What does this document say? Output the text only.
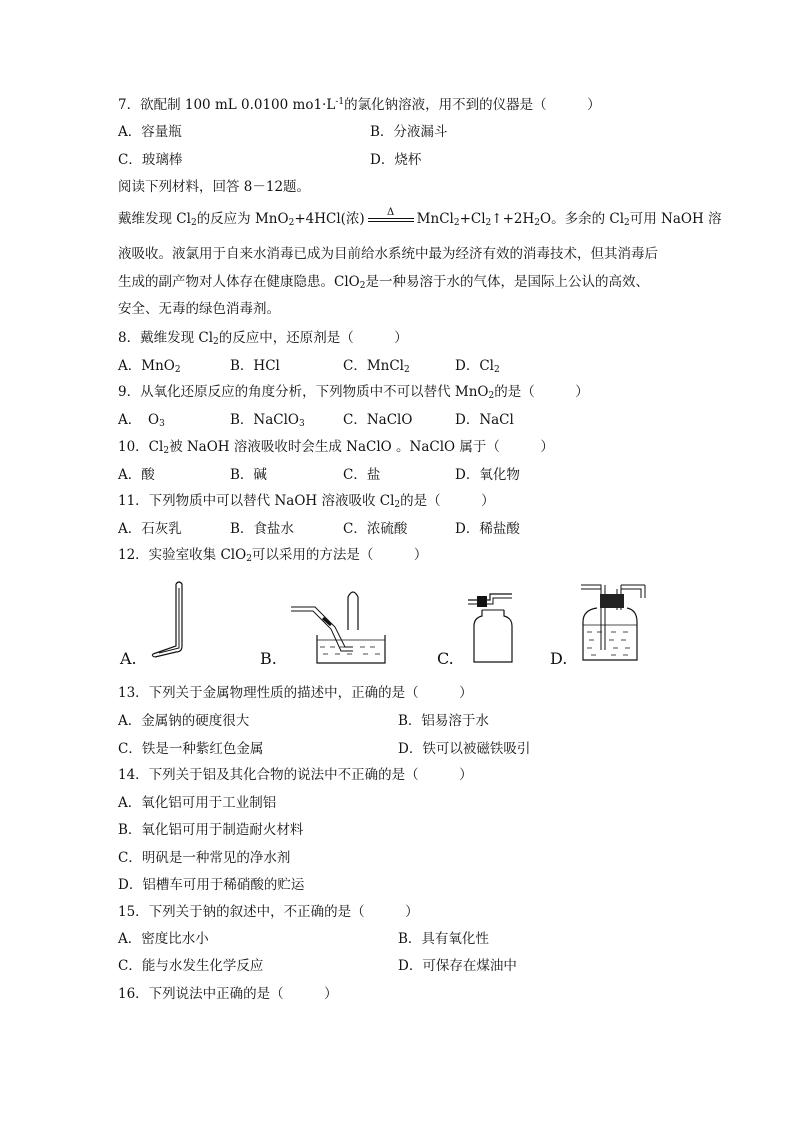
7．欲配制 100 mL 0.0100 $mo1\cdot L^{-1}$的氯化钠溶液，用不到的仪器是（　　　）
A．容量瓶	B．分液漏斗
C．玻璃棒	D．烧杯
阅读下列材料，回答 8－12题。
戴维发现 $Cl_2$的反应为 MnO$_2$+4HCl(浓)	Δ	$MnCl_2+Cl_2↑+2H_2O$。多余的 $Cl_2$可用 NaOH 溶
液吸收。液氯用于自来水消毒已成为目前给水系统中最为经济有效的消毒技术，但其消毒后
生成的副产物对人体存在健康隐患。ClO$_2$是一种易溶于水的气体，是国际上公认的高效、
安全、无毒的绿色消毒剂。
8．戴维发现 $Cl_2$的反应中，还原剂是（　　　）
A．MnO$_2$	B．HCl	C．MnCl$_2$	D．$Cl_2$
9．从氧化还原反应的角度分析，下列物质中不可以替代 MnO$_2$的是（　　　）
A．　$O_3$	B．NaClO$_3$	C．NaClO	D．NaCl
10．$Cl_2$被 NaOH 溶液吸收时会生成 NaClO 。NaClO 属于（　　　）
A．酸	B．碱	C．盐	D．氧化物
11．下列物质中可以替代 NaOH 溶液吸收 $Cl_2$的是（　　　）
A．石灰乳	B．食盐水	C．浓硫酸	D．稀盐酸
12．实验室收集 ClO$_2$可以采用的方法是（　　　）
A.	B.	C.	D.
13．下列关于金属物理性质的描述中，正确的是（　　　）
A．金属钠的硬度很大	B．铝易溶于水
C．铁是一种紫红色金属	D．铁可以被磁铁吸引
14．下列关于铝及其化合物的说法中不正确的是（　　　）
A．氧化铝可用于工业制铝
B．氧化铝可用于制造耐火材料
C．明矾是一种常见的净水剂
D．铝槽车可用于稀硝酸的贮运
15．下列关于钠的叙述中，不正确的是（　　　）
A．密度比水小	B．具有氧化性
C．能与水发生化学反应	D．可保存在煤油中
16．下列说法中正确的是（　　　）
